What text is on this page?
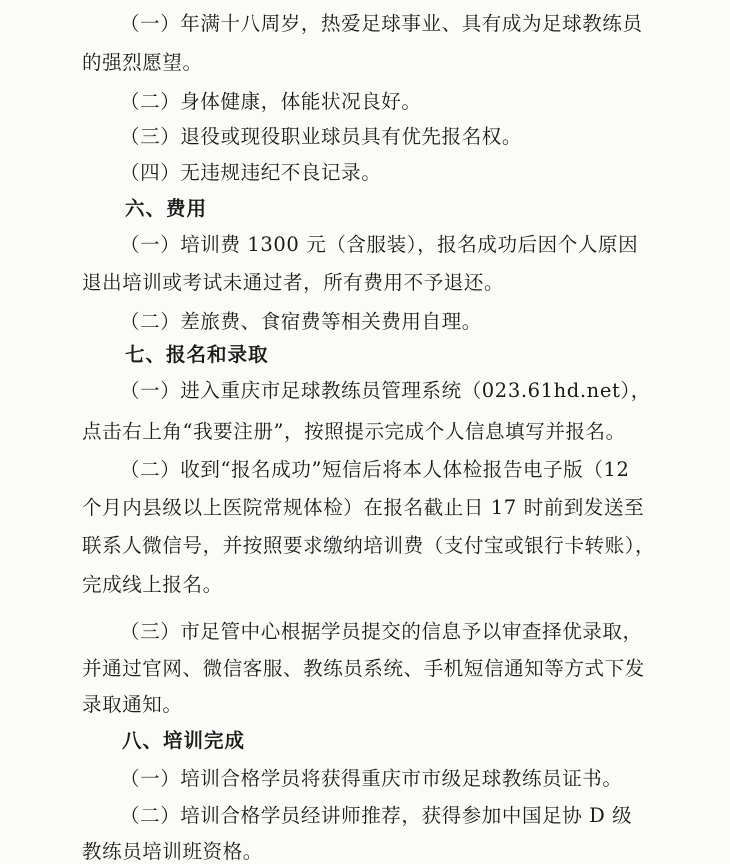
（一）年满十八周岁，热爱足球事业、具有成为足球教练员
的强烈愿望。
（二）身体健康，体能状况良好。
（三）退役或现役职业球员具有优先报名权。
（四）无违规违纪不良记录。
六、费用
（一）培训费 1300 元（含服装），报名成功后因个人原因
退出培训或考试未通过者，所有费用不予退还。
（二）差旅费、食宿费等相关费用自理。
七、报名和录取
（一）进入重庆市足球教练员管理系统（023.61hd.net），
点击右上角“我要注册”，按照提示完成个人信息填写并报名。
（二）收到“报名成功”短信后将本人体检报告电子版（12
个月内县级以上医院常规体检）在报名截止日 17 时前到发送至
联系人微信号，并按照要求缴纳培训费（支付宝或银行卡转账），
完成线上报名。
（三）市足管中心根据学员提交的信息予以审查择优录取，
并通过官网、微信客服、教练员系统、手机短信通知等方式下发
录取通知。
八、培训完成
（一）培训合格学员将获得重庆市市级足球教练员证书。
（二）培训合格学员经讲师推荐，获得参加中国足协 D 级
教练员培训班资格。
